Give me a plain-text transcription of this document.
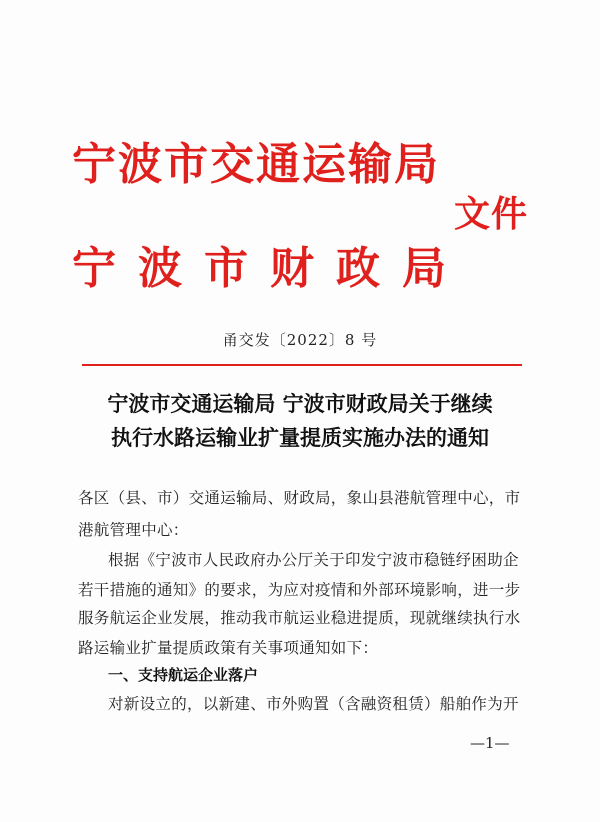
宁波市交通运输局
文件
宁波市财政局
甬交发〔2022〕8 号
宁波市交通运输局 宁波市财政局关于继续
执行水路运输业扩量提质实施办法的通知
各区（县、市）交通运输局、财政局，象山县港航管理中心，市
港航管理中心：
根据《宁波市人民政府办公厅关于印发宁波市稳链纾困助企
若干措施的通知》的要求，为应对疫情和外部环境影响，进一步
服务航运企业发展，推动我市航运业稳进提质，现就继续执行水
路运输业扩量提质政策有关事项通知如下：
一、支持航运企业落户
对新设立的，以新建、市外购置（含融资租赁）船舶作为开
—1—
